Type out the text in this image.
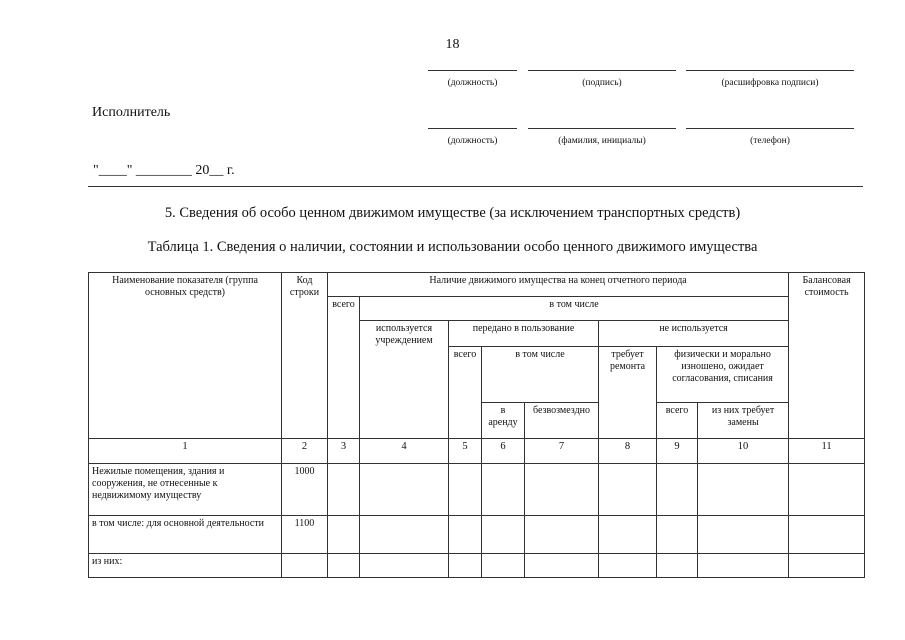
18
(должность)	(подпись)	(расшифровка подписи)
Исполнитель
(должность)	(фамилия, инициалы)	(телефон)
"____" ________ 20__ г.
5. Сведения об особо ценном движимом имуществе (за исключением транспортных средств)
Таблица 1. Сведения о наличии, состоянии и использовании особо ценного движимого имущества
Наименование показателя (группа основных средств)	Код строки	Наличие движимого имущества на конец отчетного периода								Балансовая стоимость
		всего	в том числе							
			используется учреждением	передано в пользование			не используется			
				всего	в том числе		требует ремонта	физически и морально изношено, ожидает согласования, списания		
					в аренду	безвозмездно		всего	из них требует замены	
1	2	3	4	5	6	7	8	9	10	11
Нежилые помещения, здания и сооружения, не отнесенные к недвижимому имуществу	1000									
в том числе: для основной деятельности	1100									
из них:										
